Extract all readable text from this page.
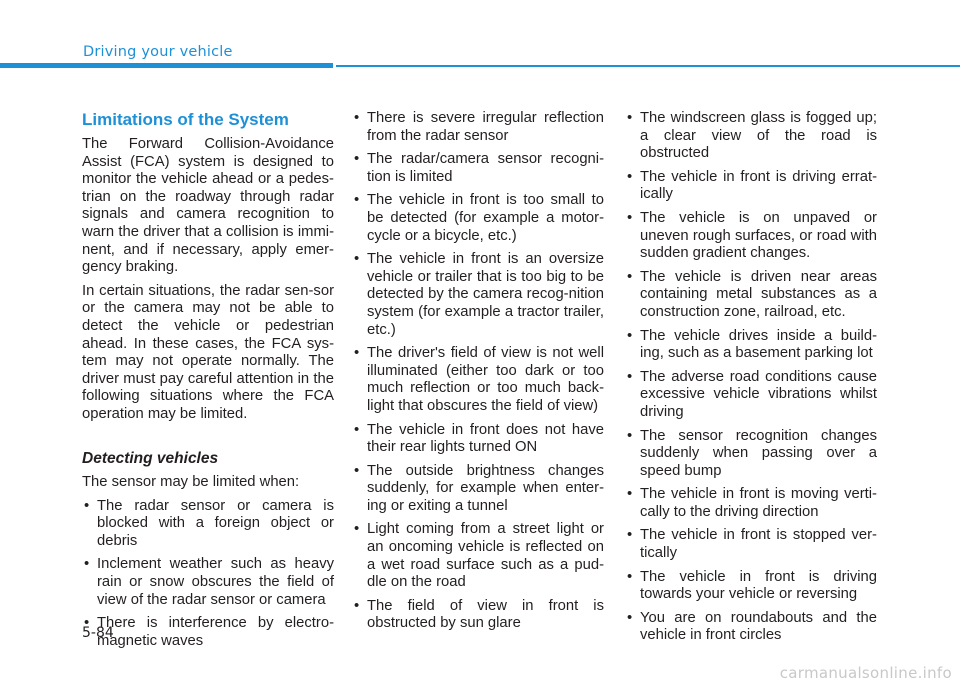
Driving your vehicle
Limitations of the System

The Forward Collision-Avoidance Assist (FCA) system is designed to monitor the vehicle ahead or a pedes-trian on the roadway through radar signals and camera recognition to warn the driver that a collision is immi-nent, and if necessary, apply emer-gency braking.

In certain situations, the radar sen-sor or the camera may not be able to detect the vehicle or pedestrian ahead. In these cases, the FCA sys-tem may not operate normally. The driver must pay careful attention in the following situations where the FCA operation may be limited.

Detecting vehicles

The sensor may be limited when:

• The radar sensor or camera is blocked with a foreign object or debris
• Inclement weather such as heavy rain or snow obscures the field of view of the radar sensor or camera
• There is interference by electro-magnetic waves
• There is severe irregular reflection from the radar sensor
• The radar/camera sensor recogni-tion is limited
• The vehicle in front is too small to be detected (for example a motor-cycle or a bicycle, etc.)
• The vehicle in front is an oversize vehicle or trailer that is too big to be detected by the camera recog-nition system (for example a tractor trailer, etc.)
• The driver's field of view is not well illuminated (either too dark or too much reflection or too much back-light that obscures the field of view)
• The vehicle in front does not have their rear lights turned ON
• The outside brightness changes suddenly, for example when enter-ing or exiting a tunnel
• Light coming from a street light or an oncoming vehicle is reflected on a wet road surface such as a pud-dle on the road
• The field of view in front is obstructed by sun glare
• The windscreen glass is fogged up; a clear view of the road is obstructed
• The vehicle in front is driving errat-ically
• The vehicle is on unpaved or uneven rough surfaces, or road with sudden gradient changes.
• The vehicle is driven near areas containing metal substances as a construction zone, railroad, etc.
• The vehicle drives inside a build-ing, such as a basement parking lot
• The adverse road conditions cause excessive vehicle vibrations whilst driving
• The sensor recognition changes suddenly when passing over a speed bump
• The vehicle in front is moving verti-cally to the driving direction
• The vehicle in front is stopped ver-tically
• The vehicle in front is driving towards your vehicle or reversing
• You are on roundabouts and the vehicle in front circles
5-84
carmanualsonline.info
